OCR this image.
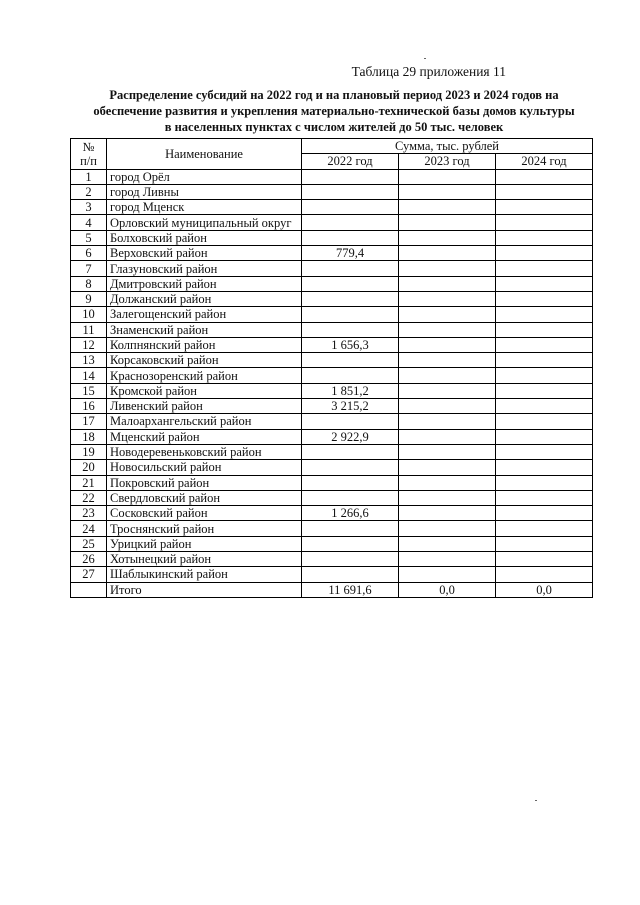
Таблица 29 приложения 11
Распределение субсидий на 2022 год и на плановый период 2023 и 2024 годов на
обеспечение развития и укрепления материально-технической базы домов культуры
в населенных пунктах с числом жителей до 50 тыс. человек
№
п/п	Наименование	Сумма, тыс. рублей		
		2022 год	2023 год	2024 год
1	город Орёл			
2	город Ливны			
3	город Мценск			
4	Орловский муниципальный округ			
5	Болховский район			
6	Верховский район	779,4		
7	Глазуновский район			
8	Дмитровский район			
9	Должанский район			
10	Залегощенский район			
11	Знаменский район			
12	Колпнянский район	1 656,3		
13	Корсаковский район			
14	Краснозоренский район			
15	Кромской район	1 851,2		
16	Ливенский район	3 215,2		
17	Малоархангельский район			
18	Мценский район	2 922,9		
19	Новодеревеньковский район			
20	Новосильский район			
21	Покровский район			
22	Свердловский район			
23	Сосковский район	1 266,6		
24	Троснянский район			
25	Урицкий район			
26	Хотынецкий район			
27	Шаблыкинский район			
	Итого	11 691,6	0,0	0,0
